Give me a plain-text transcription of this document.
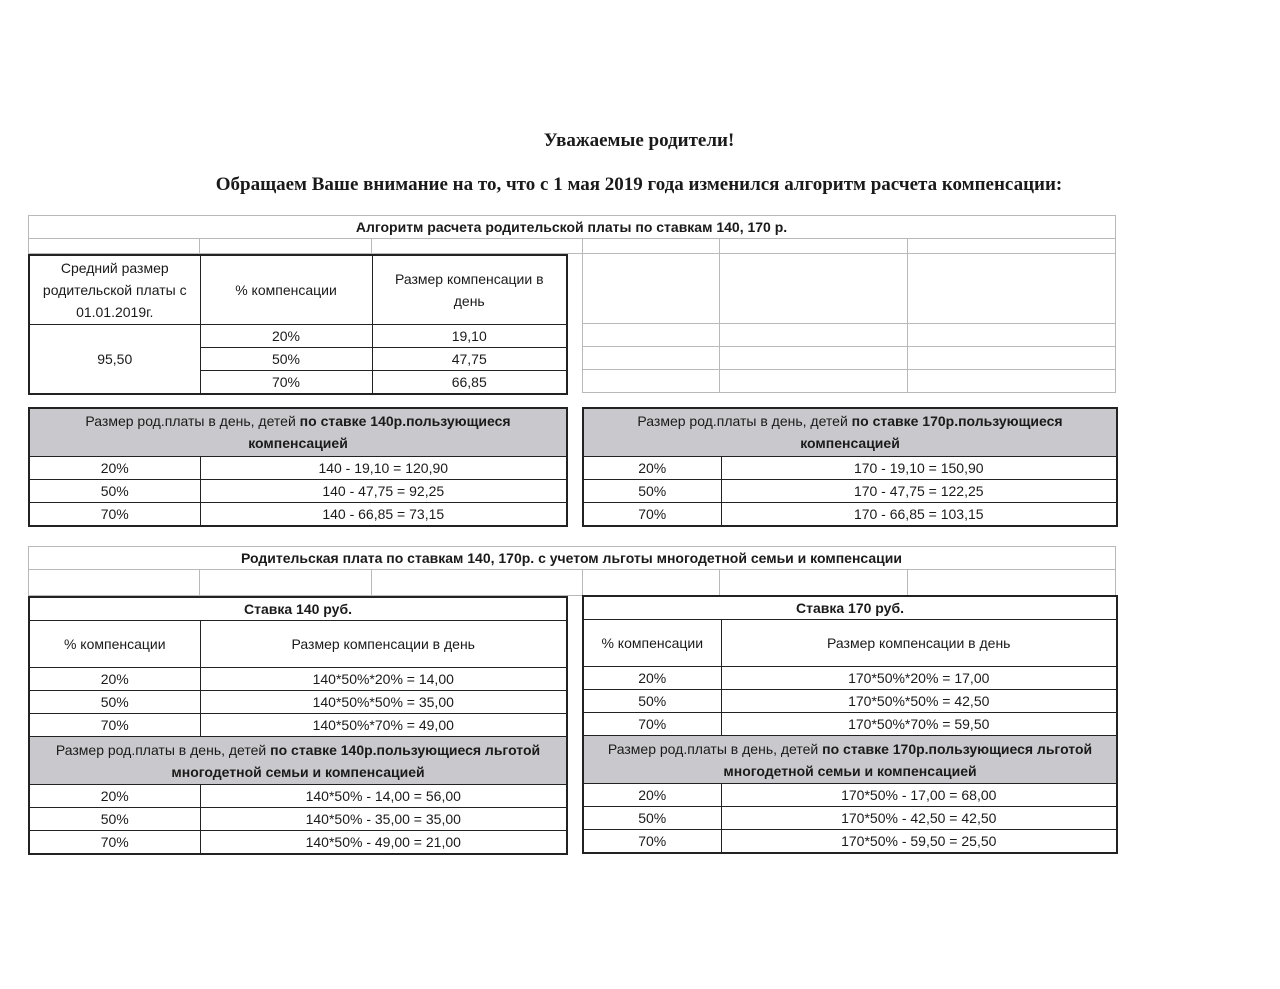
Уважаемые родители!
Обращаем Ваше внимание на то, что с 1 мая 2019 года изменился алгоритм расчета компенсации:
Алгоритм расчета родительской платы по ставкам 140, 170 р.
Средний размер родительской платы с 01.01.2019г.	% компенсации	Размер компенсации в день
95,50	20%	19,10
	50%	47,75
	70%	66,85
Размер род.платы в день, детей по ставке 140р.пользующиеся компенсацией	
20%	140 - 19,10 = 120,90
50%	140 - 47,75 = 92,25
70%	140 - 66,85 = 73,15
Размер род.платы в день, детей по ставке 170р.пользующиеся компенсацией	
20%	170 - 19,10 = 150,90
50%	170 - 47,75 = 122,25
70%	170 - 66,85 = 103,15
Родительская плата по ставкам 140, 170р. с учетом льготы многодетной семьи и компенсации
Ставка 140 руб.	
% компенсации	Размер компенсации в день
20%	140*50%*20% = 14,00
50%	140*50%*50% = 35,00
70%	140*50%*70% = 49,00
Размер род.платы в день, детей по ставке 140р.пользующиеся льготой многодетной семьи и компенсацией	
20%	140*50% - 14,00 = 56,00
50%	140*50% - 35,00 = 35,00
70%	140*50% - 49,00 = 21,00
Ставка 170 руб.	
% компенсации	Размер компенсации в день
20%	170*50%*20% = 17,00
50%	170*50%*50% = 42,50
70%	170*50%*70% = 59,50
Размер род.платы в день, детей по ставке 170р.пользующиеся льготой многодетной семьи и компенсацией	
20%	170*50% - 17,00 = 68,00
50%	170*50% - 42,50 = 42,50
70%	170*50% - 59,50 = 25,50
